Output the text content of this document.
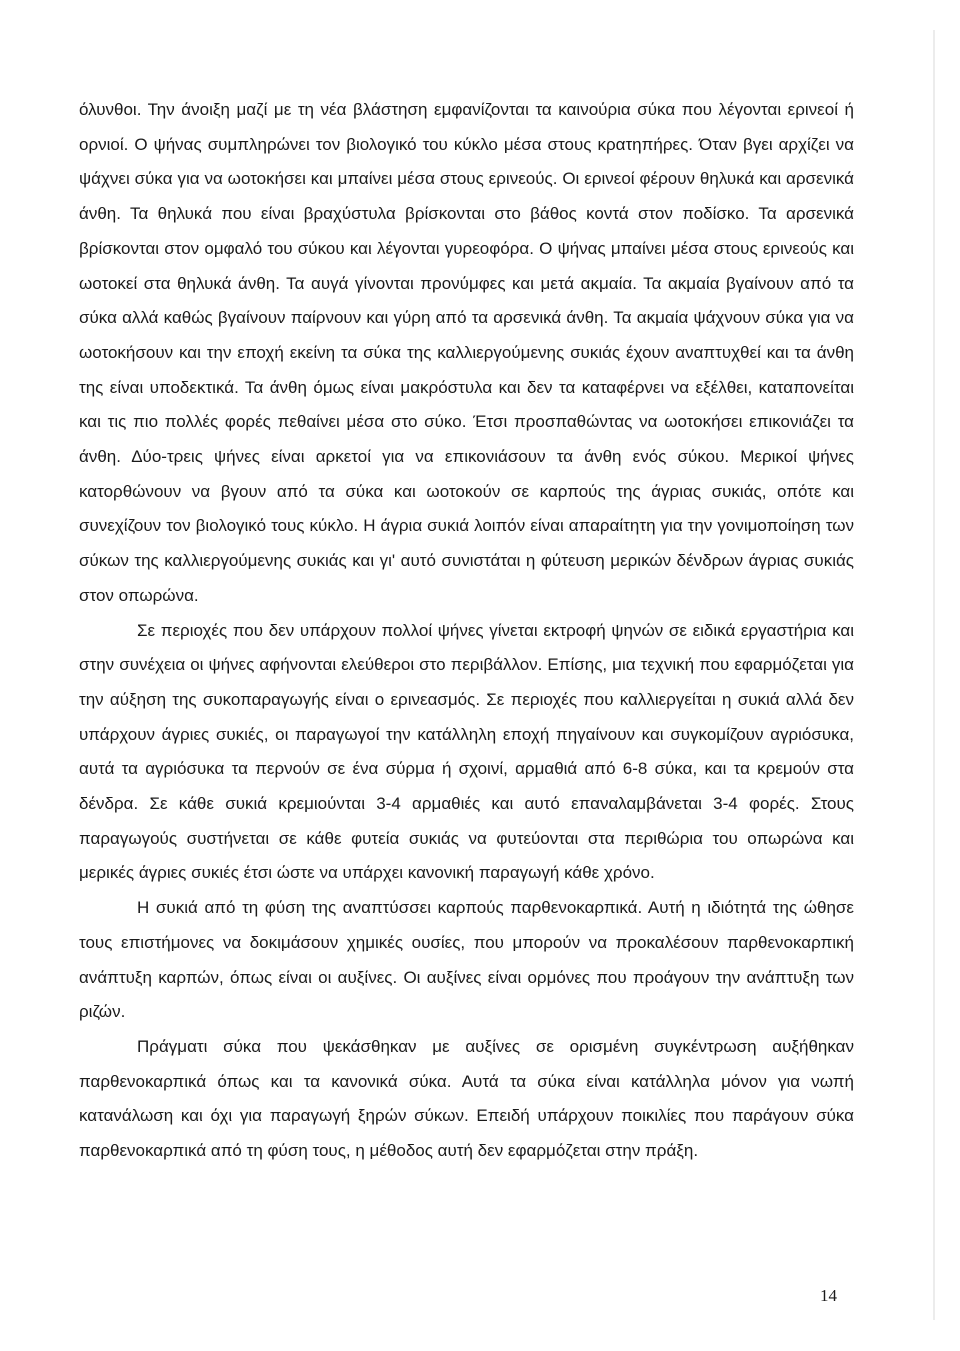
όλυνθοι. Την άνοιξη μαζί με τη νέα βλάστηση εμφανίζονται τα καινούρια σύκα που λέγονται ερινεοί ή ορνιοί. Ο ψήνας συμπληρώνει τον βιολογικό του κύκλο μέσα στους κρατηπήρες. Όταν βγει αρχίζει να ψάχνει σύκα για να ωοτοκήσει και μπαίνει μέσα στους ερινεούς. Οι ερινεοί φέρουν θηλυκά και αρσενικά άνθη. Τα θηλυκά που είναι βραχύστυλα βρίσκονται στο βάθος κοντά στον ποδίσκο. Τα αρσενικά βρίσκονται στον ομφαλό του σύκου και λέγονται γυρεοφόρα. Ο ψήνας μπαίνει μέσα στους ερινεούς και ωοτοκεί στα θηλυκά άνθη. Τα αυγά γίνονται προνύμφες και μετά ακμαία. Τα ακμαία βγαίνουν από τα σύκα αλλά καθώς βγαίνουν παίρνουν και γύρη από τα αρσενικά άνθη. Τα ακμαία ψάχνουν σύκα για να ωοτοκήσουν και την εποχή εκείνη τα σύκα της καλλιεργούμενης συκιάς έχουν αναπτυχθεί και τα άνθη της είναι υποδεκτικά. Τα άνθη όμως είναι μακρόστυλα και δεν τα καταφέρνει να εξέλθει, καταπονείται και τις πιο πολλές φορές πεθαίνει μέσα στο σύκο. Έτσι προσπαθώντας να ωοτοκήσει επικονιάζει τα άνθη. Δύο-τρεις ψήνες είναι αρκετοί για να επικονιάσουν τα άνθη ενός σύκου. Μερικοί ψήνες κατορθώνουν να βγουν από τα σύκα και ωοτοκούν σε καρπούς της άγριας συκιάς, οπότε και συνεχίζουν τον βιολογικό τους κύκλο. Η άγρια συκιά λοιπόν είναι απαραίτητη για την γονιμοποίηση των σύκων της καλλιεργούμενης συκιάς και γι' αυτό συνιστάται η φύτευση μερικών δένδρων άγριας συκιάς στον οπωρώνα.

Σε περιοχές που δεν υπάρχουν πολλοί ψήνες γίνεται εκτροφή ψηνών σε ειδικά εργαστήρια και στην συνέχεια οι ψήνες αφήνονται ελεύθεροι στο περιβάλλον. Επίσης, μια τεχνική που εφαρμόζεται για την αύξηση της συκοπαραγωγής είναι ο ερινεασμός. Σε περιοχές που καλλιεργείται η συκιά αλλά δεν υπάρχουν άγριες συκιές, οι παραγωγοί την κατάλληλη εποχή πηγαίνουν και συγκομίζουν αγριόσυκα, αυτά τα αγριόσυκα τα περνούν σε ένα σύρμα ή σχοινί, αρμαθιά από 6-8 σύκα, και τα κρεμούν στα δένδρα. Σε κάθε συκιά κρεμιούνται 3-4 αρμαθιές και αυτό επαναλαμβάνεται 3-4 φορές. Στους παραγωγούς συστήνεται σε κάθε φυτεία συκιάς να φυτεύονται στα περιθώρια του οπωρώνα και μερικές άγριες συκιές έτσι ώστε να υπάρχει κανονική παραγωγή κάθε χρόνο.

Η συκιά από τη φύση της αναπτύσσει καρπούς παρθενοκαρπικά. Αυτή η ιδιότητά της ώθησε τους επιστήμονες να δοκιμάσουν χημικές ουσίες, που μπορούν να προκαλέσουν παρθενοκαρπική ανάπτυξη καρπών, όπως είναι οι αυξίνες. Οι αυξίνες είναι ορμόνες που προάγουν την ανάπτυξη των ριζών.

Πράγματι σύκα που ψεκάσθηκαν με αυξίνες σε ορισμένη συγκέντρωση αυξήθηκαν παρθενοκαρπικά όπως και τα κανονικά σύκα. Αυτά τα σύκα είναι κατάλληλα μόνον για νωπή κατανάλωση και όχι για παραγωγή ξηρών σύκων. Επειδή υπάρχουν ποικιλίες που παράγουν σύκα παρθενοκαρπικά από τη φύση τους, η μέθοδος αυτή δεν εφαρμόζεται στην πράξη.

14
